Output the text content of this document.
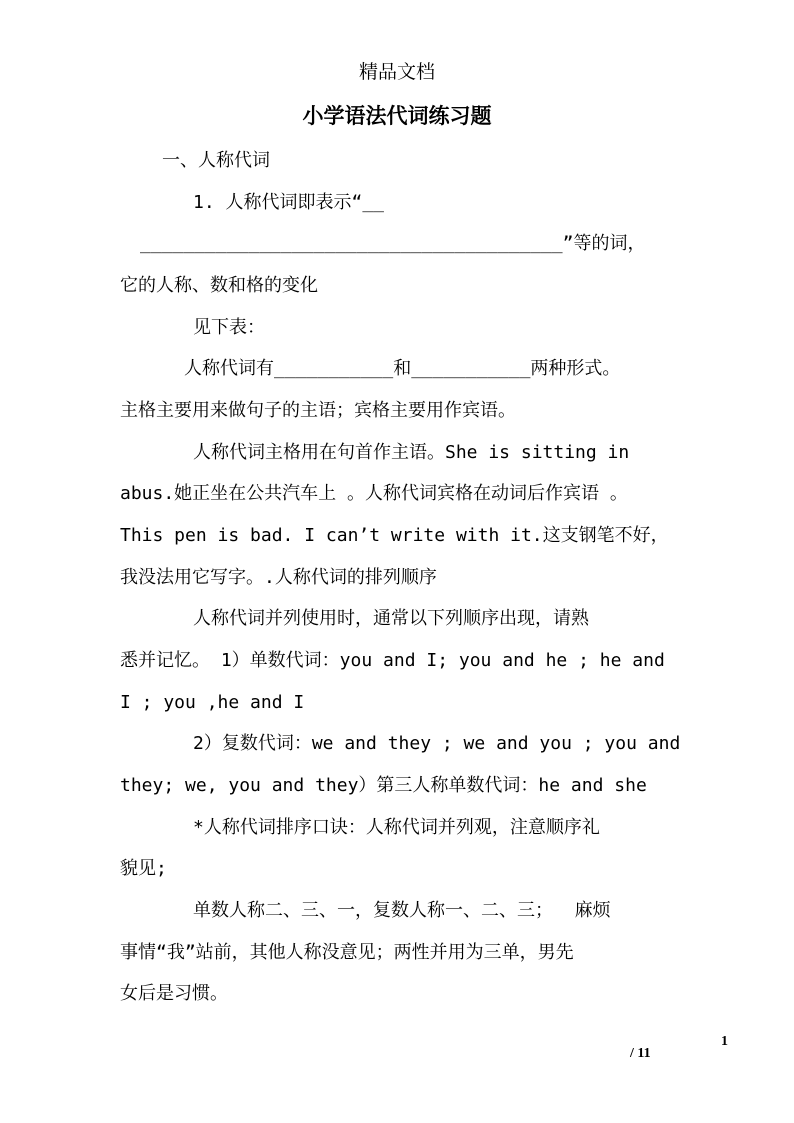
精品文档
小学语法代词练习题
一、人称代词
1. 人称代词即表示“__
_______________________________________”等的词，
它的人称、数和格的变化
见下表：
人称代词有___________和___________两种形式。
主格主要用来做句子的主语；宾格主要用作宾语。
人称代词主格用在句首作主语。She is sitting in
abus.她正坐在公共汽车上 。人称代词宾格在动词后作宾语 。
This pen is bad. I can’t write with it.这支钢笔不好，
我没法用它写字。.人称代词的排列顺序
人称代词并列使用时，通常以下列顺序出现，请熟
悉并记忆。 1）单数代词：you and I; you and he ; he and
I ; you ,he and I
2）复数代词：we and they ; we and you ; you and
they; we, you and they）第三人称单数代词：he and she
*人称代词排序口诀：人称代词并列观，注意顺序礼
貌见;
单数人称二、三、一，复数人称一、二、三；  麻烦
事情“我”站前，其他人称没意见；两性并用为三单，男先
女后是习惯。
1
/ 11
